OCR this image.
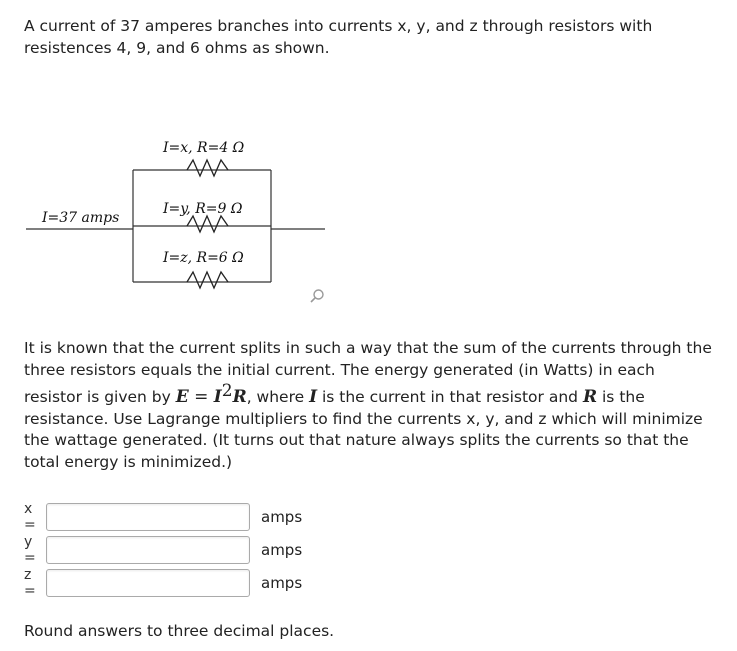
A current of 37 amperes branches into currents x, y, and z through resistors with resistences 4, 9, and 6 ohms as shown.

I=37 amps
I=x, R=4 Ω
I=y, R=9 Ω
I=z, R=6 Ω

It is known that the current splits in such a way that the sum of the currents through the three resistors equals the initial current. The energy generated (in Watts) in each resistor is given by $E = I^2R$, where I is the current in that resistor and R is the resistance. Use Lagrange multipliers to find the currents x, y, and z which will minimize the wattage generated. (It turns out that nature always splits the currents so that the total energy is minimized.)

x =	amps
y =	amps
z =	amps

Round answers to three decimal places.
